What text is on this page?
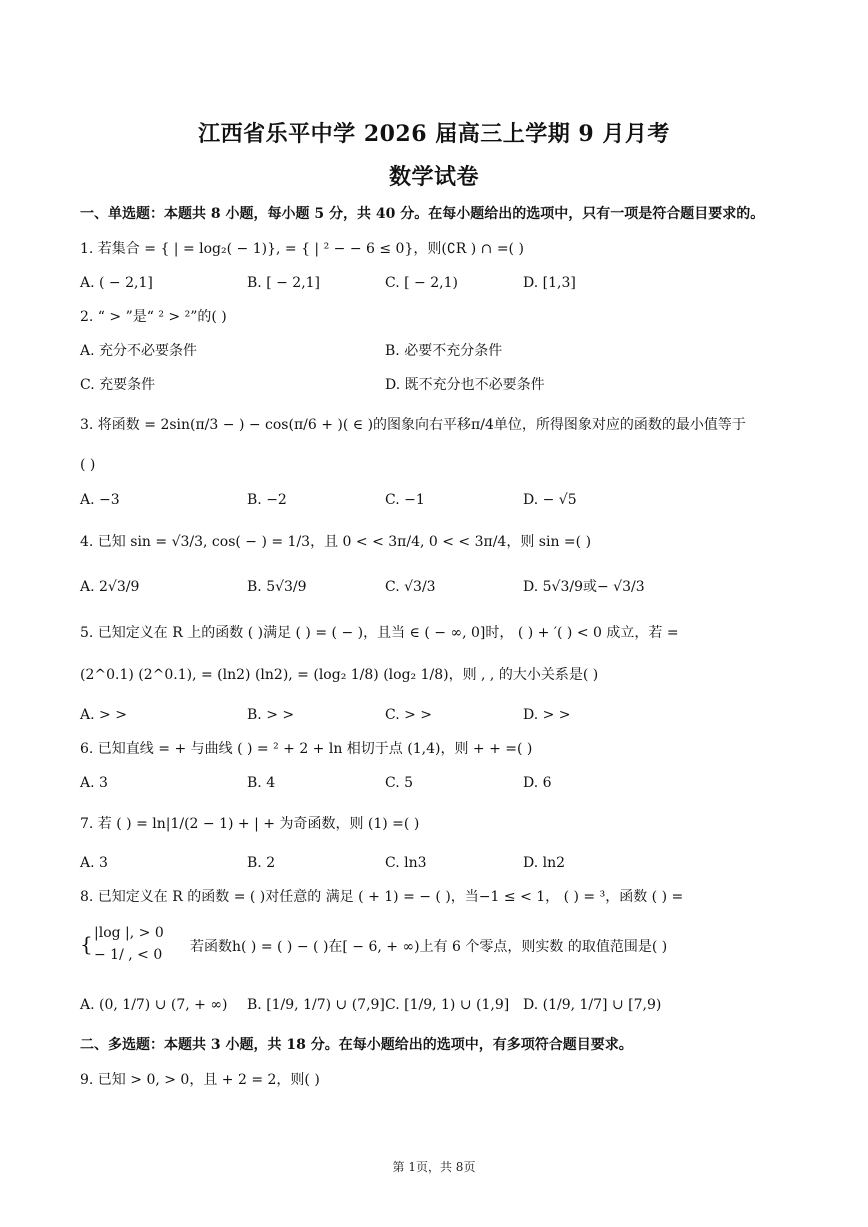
江西省乐平中学 2026 届高三上学期 9 月月考
数学试卷
一、单选题：本题共 8 小题，每小题 5 分，共 40 分。在每小题给出的选项中，只有一项是符合题目要求的。
1. 若集合 = { | = log₂( − 1)}, = { | ² − − 6 ≤ 0}，则(∁R ) ∩ =( )
A. ( − 2,1]	B. [ − 2,1]	C. [ − 2,1)	D. [1,3]
2. “ > ”是“ ² > ²”的( )
A. 充分不必要条件	B. 必要不充分条件
C. 充要条件	D. 既不充分也不必要条件
3. 将函数 = 2sin(π/3 − ) − cos(π/6 + )( ∈ )的图象向右平移π/4单位，所得图象对应的函数的最小值等于
( )
A. −3	B. −2	C. −1	D. − √5
4. 已知 sin = √3/3, cos( − ) = 1/3，且 0 < < 3π/4, 0 < < 3π/4，则 sin =( )
A. 2√3/9	B. 5√3/9	C. √3/3	D. 5√3/9或− √3/3
5. 已知定义在 R 上的函数 ( )满足 ( ) = ( − )，且当 ∈ ( − ∞, 0]时， ( ) + ′( ) < 0 成立，若 =
(2^0.1) (2^0.1), = (ln2) (ln2), = (log₂ 1/8) (log₂ 1/8)，则 , , 的大小关系是( )
A. > >	B. > >	C. > >	D. > >
6. 已知直线 = + 与曲线 ( ) = ² + 2 + ln 相切于点 (1,4)，则 + + =( )
A. 3	B. 4	C. 5	D. 6
7. 若 ( ) = ln|1/(2 − 1) + | + 为奇函数，则 (1) =( )
A. 3	B. 2	C. ln3	D. ln2
8. 已知定义在 R 的函数 = ( )对任意的 满足 ( + 1) = − ( )，当−1 ≤ < 1， ( ) = ³，函数 ( ) =
{ |log |, > 0
− 1/ , < 0 若函数h( ) = ( ) − ( )在[ − 6, + ∞)上有 6 个零点，则实数 的取值范围是( )
A. (0, 1/7) ∪ (7, + ∞) B. [1/9, 1/7) ∪ (7,9] C. [1/9, 1) ∪ (1,9] D. (1/9, 1/7] ∪ [7,9)
二、多选题：本题共 3 小题，共 18 分。在每小题给出的选项中，有多项符合题目要求。
9. 已知 > 0, > 0，且 + 2 = 2，则( )
第 1页，共 8页
